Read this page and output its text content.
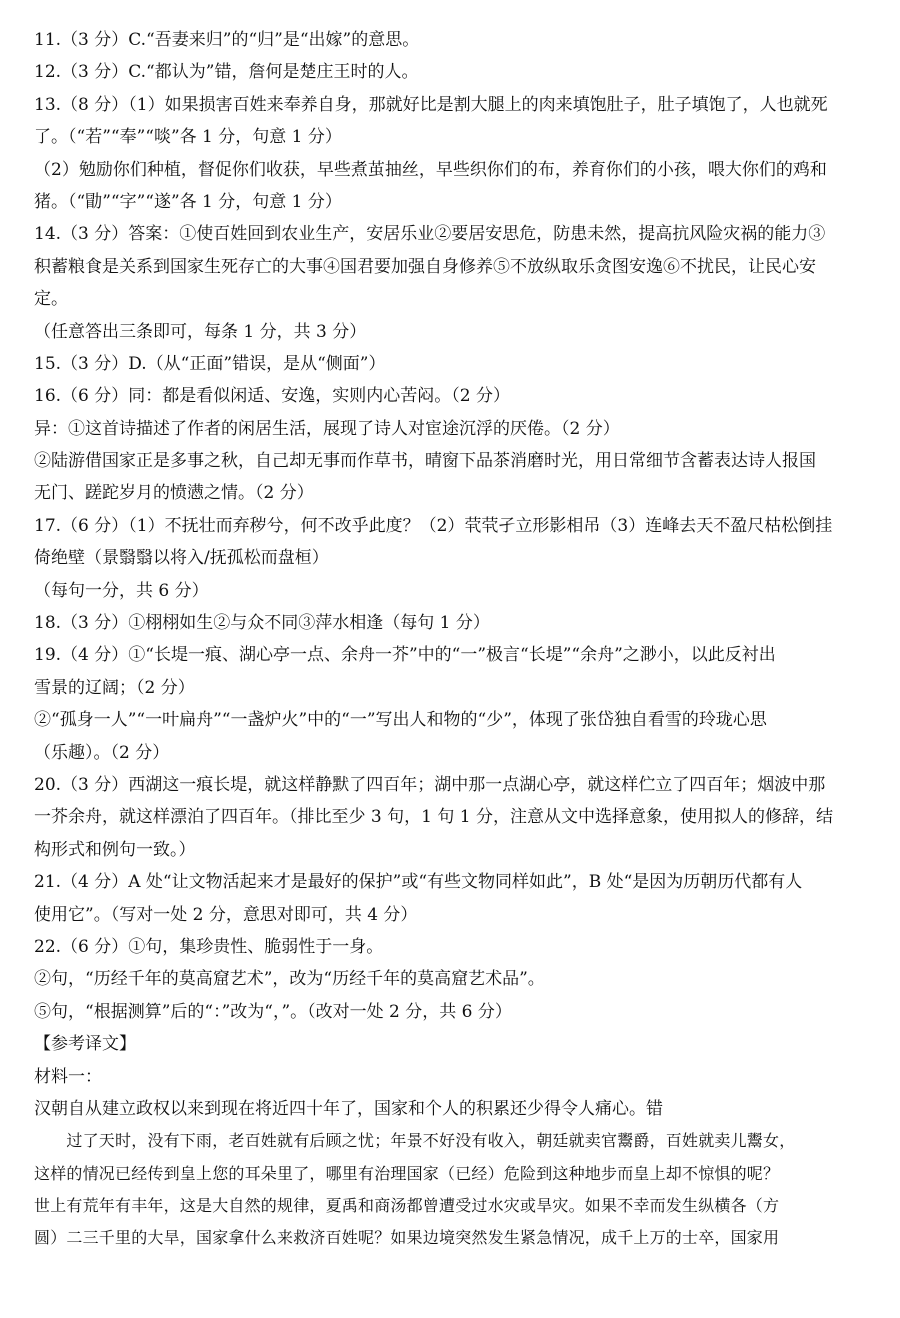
11.（3 分）C.“吾妻来归”的“归”是“出嫁”的意思。
12.（3 分）C.“都认为”错，詹何是楚庄王时的人。
13.（8 分）（1）如果损害百姓来奉养自身，那就好比是割大腿上的肉来填饱肚子，肚子填饱了，人也就死
了。（“若”“奉”“啖”各 1 分，句意 1 分）
（2）勉励你们种植，督促你们收获，早些煮茧抽丝，早些织你们的布，养育你们的小孩，喂大你们的鸡和
猪。（“勖”“字”“遂”各 1 分，句意 1 分）
14.（3 分）答案：①使百姓回到农业生产，安居乐业②要居安思危，防患未然，提高抗风险灾祸的能力③
积蓄粮食是关系到国家生死存亡的大事④国君要加强自身修养⑤不放纵取乐贪图安逸⑥不扰民，让民心安
定。
（任意答出三条即可，每条 1 分，共 3 分）
15.（3 分）D.（从“正面”错误，是从“侧面”）
16.（6 分）同：都是看似闲适、安逸，实则内心苦闷。（2 分）
异：①这首诗描述了作者的闲居生活，展现了诗人对宦途沉浮的厌倦。（2 分）
②陆游借国家正是多事之秋，自己却无事而作草书，晴窗下品茶消磨时光，用日常细节含蓄表达诗人报国
无门、蹉跎岁月的愤懑之情。（2 分）
17.（6 分）（1）不抚壮而弃秽兮，何不改乎此度？（2）茕茕孑立形影相吊（3）连峰去天不盈尺枯松倒挂
倚绝壁（景翳翳以将入/抚孤松而盘桓）
（每句一分，共 6 分）
18.（3 分）①栩栩如生②与众不同③萍水相逢（每句 1 分）
19.（4 分）①“长堤一痕、湖心亭一点、余舟一芥”中的“一”极言“长堤”“余舟”之渺小，以此反衬出
雪景的辽阔；（2 分）
②“孤身一人”“一叶扁舟”“一盏炉火”中的“一”写出人和物的“少”，体现了张岱独自看雪的玲珑心思
（乐趣）。（2 分）
20.（3 分）西湖这一痕长堤，就这样静默了四百年；湖中那一点湖心亭，就这样伫立了四百年；烟波中那
一芥余舟，就这样漂泊了四百年。（排比至少 3 句，1 句 1 分，注意从文中选择意象，使用拟人的修辞，结
构形式和例句一致。）
21.（4 分）A 处“让文物活起来才是最好的保护”或“有些文物同样如此”，B 处“是因为历朝历代都有人
使用它”。（写对一处 2 分，意思对即可，共 4 分）
22.（6 分）①句，集珍贵性、脆弱性于一身。
②句，“历经千年的莫高窟艺术”，改为“历经千年的莫高窟艺术品”。
⑤句，“根据测算”后的“：”改为“，”。（改对一处 2 分，共 6 分）
【参考译文】
材料一：
汉朝自从建立政权以来到现在将近四十年了，国家和个人的积累还少得令人痛心。错
　　过了天时，没有下雨，老百姓就有后顾之忧；年景不好没有收入，朝廷就卖官鬻爵，百姓就卖儿鬻女，
这样的情况已经传到皇上您的耳朵里了，哪里有治理国家（已经）危险到这种地步而皇上却不惊惧的呢？
世上有荒年有丰年，这是大自然的规律，夏禹和商汤都曾遭受过水灾或旱灾。如果不幸而发生纵横各（方
圆）二三千里的大旱，国家拿什么来救济百姓呢？如果边境突然发生紧急情况，成千上万的士卒，国家用
